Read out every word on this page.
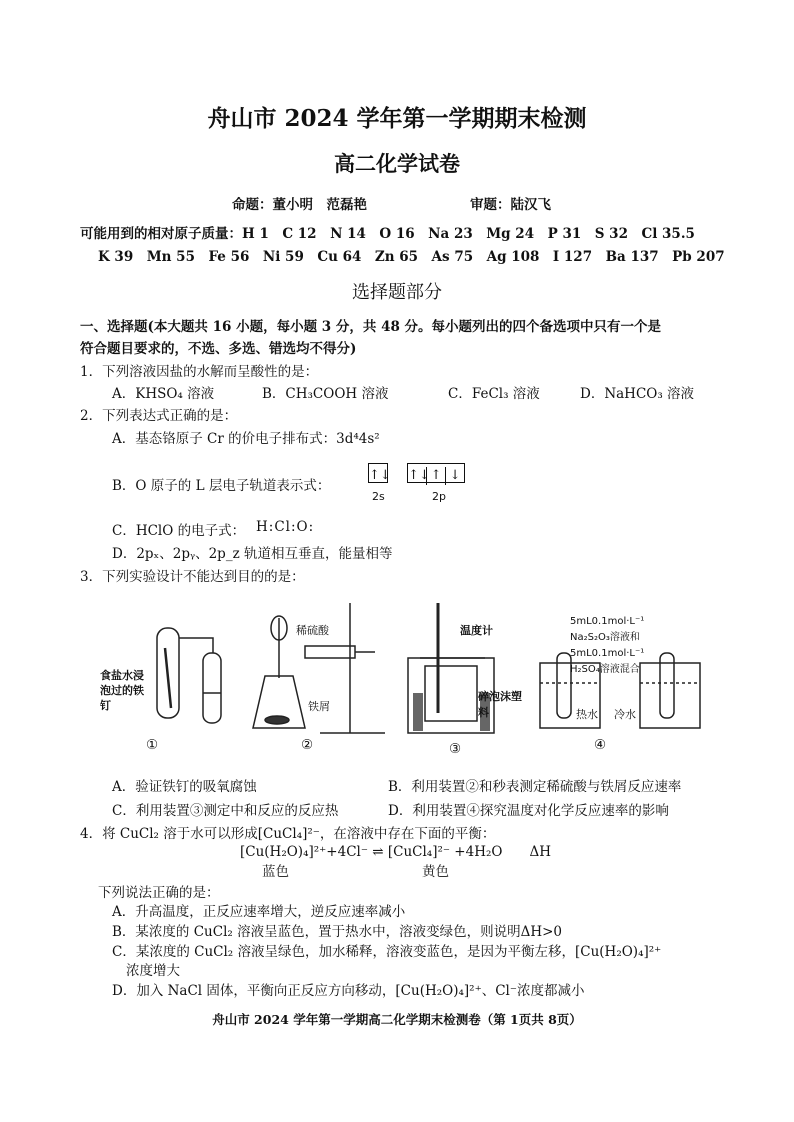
舟山市 2024 学年第一学期期末检测
高二化学试卷
命题：董小明　范磊艳	审题：陆汉飞
可能用到的相对原子质量：H 1　C 12　N 14　O 16　Na 23　Mg 24　P 31　S 32　Cl 35.5
K 39　Mn 55　Fe 56　Ni 59　Cu 64　Zn 65　As 75　Ag 108　I 127　Ba 137　Pb 207
选择题部分
一、选择题(本大题共 16 小题，每小题 3 分，共 48 分。每小题列出的四个备选项中只有一个是
符合题目要求的，不选、多选、错选均不得分)
1．下列溶液因盐的水解而呈酸性的是：
A．KHSO₄ 溶液	B．CH₃COOH 溶液	C．FeCl₃ 溶液	D．NaHCO₃ 溶液
2．下列表达式正确的是：
A．基态铬原子 Cr 的价电子排布式：3d⁴4s²
B．O 原子的 L 层电子轨道表示式：
↑↓ ↑↓↑ ↓
2s	2p
C．HClO 的电子式： H:Cl:O:
D．2pₓ、2pᵧ、2p_z 轨道相互垂直，能量相等
3．下列实验设计不能达到目的的是：
食盐水浸泡过的铁钉
稀硫酸
铁屑
温度计
碎泡沫塑料
5mL0.1mol·L⁻¹
Na₂S₂O₃溶液和
5mL0.1mol·L⁻¹
H₂SO₄溶液混合
热水 冷水
①	②	③	④
A．验证铁钉的吸氧腐蚀	B．利用装置②和秒表测定稀硫酸与铁屑反应速率
C．利用装置③测定中和反应的反应热	D．利用装置④探究温度对化学反应速率的影响
4．将 CuCl₂ 溶于水可以形成[CuCl₄]²⁻，在溶液中存在下面的平衡：
[Cu(H₂O)₄]²⁺+4Cl⁻ ⇌ [CuCl₄]²⁻ +4H₂O　　ΔH
蓝色	黄色
下列说法正确的是：
A．升高温度，正反应速率增大，逆反应速率减小
B．某浓度的 CuCl₂ 溶液呈蓝色，置于热水中，溶液变绿色，则说明ΔH>0
C．某浓度的 CuCl₂ 溶液呈绿色，加水稀释，溶液变蓝色，是因为平衡左移，[Cu(H₂O)₄]²⁺
浓度增大
D．加入 NaCl 固体，平衡向正反应方向移动，[Cu(H₂O)₄]²⁺、Cl⁻浓度都减小
舟山市 2024 学年第一学期高二化学期末检测卷（第 1页共 8页）
